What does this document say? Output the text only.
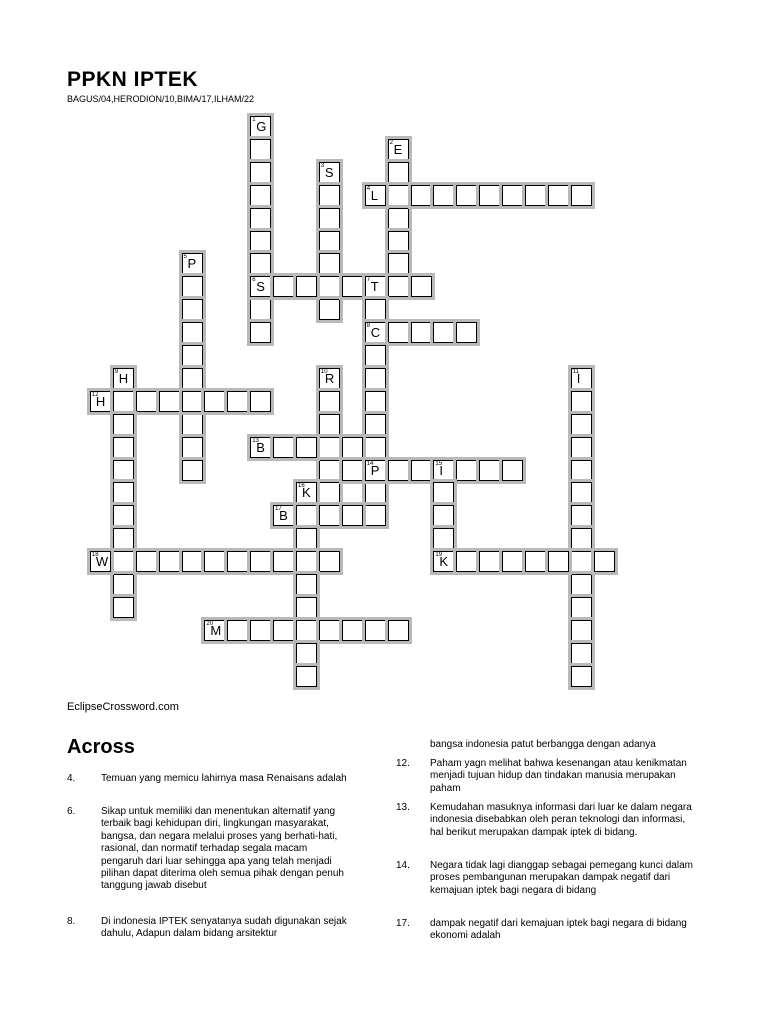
PPKN IPTEK
BAGUS/04,HERODION/10,BIMA/17,ILHAM/22
1 G
2 E
3 S
4 L
5 P
6 S	7 T
8 C
9 H	10
R	11
I
12
H
13
B
14
P	15
I
16
K
17
B
18
W	19
K
20
M
EclipseCrossword.com
Across
4.	Temuan yang memicu lahirnya masa Renaisans adalah
6.	Sikap untuk memiliki dan menentukan alternatif yang terbaik bagi kehidupan diri, lingkungan masyarakat, bangsa, dan negara melalui proses yang berhati-hati, rasional, dan normatif terhadap segala macam pengaruh dari luar sehingga apa yang telah menjadi pilihan dapat diterima oleh semua pihak dengan penuh tanggung jawab disebut
8.	Di indonesia IPTEK senyatanya sudah digunakan sejak dahulu, Adapun dalam bidang arsitektur
bangsa indonesia patut berbangga dengan adanya
12. Paham yagn melihat bahwa kesenangan atau kenikmatan menjadi tujuan hidup dan tindakan manusia merupakan paham
13. Kemudahan masuknya informasi dari luar ke dalam negara indonesia disebabkan oleh peran teknologi dan informasi, hal berikut merupakan dampak iptek di bidang.
14. Negara tidak lagi dianggap sebagai pemegang kunci dalam proses pembangunan merupakan dampak negatif dari kemajuan iptek bagi negara di bidang
17. dampak negatif dari kemajuan iptek bagi negara di bidang ekonomi adalah
